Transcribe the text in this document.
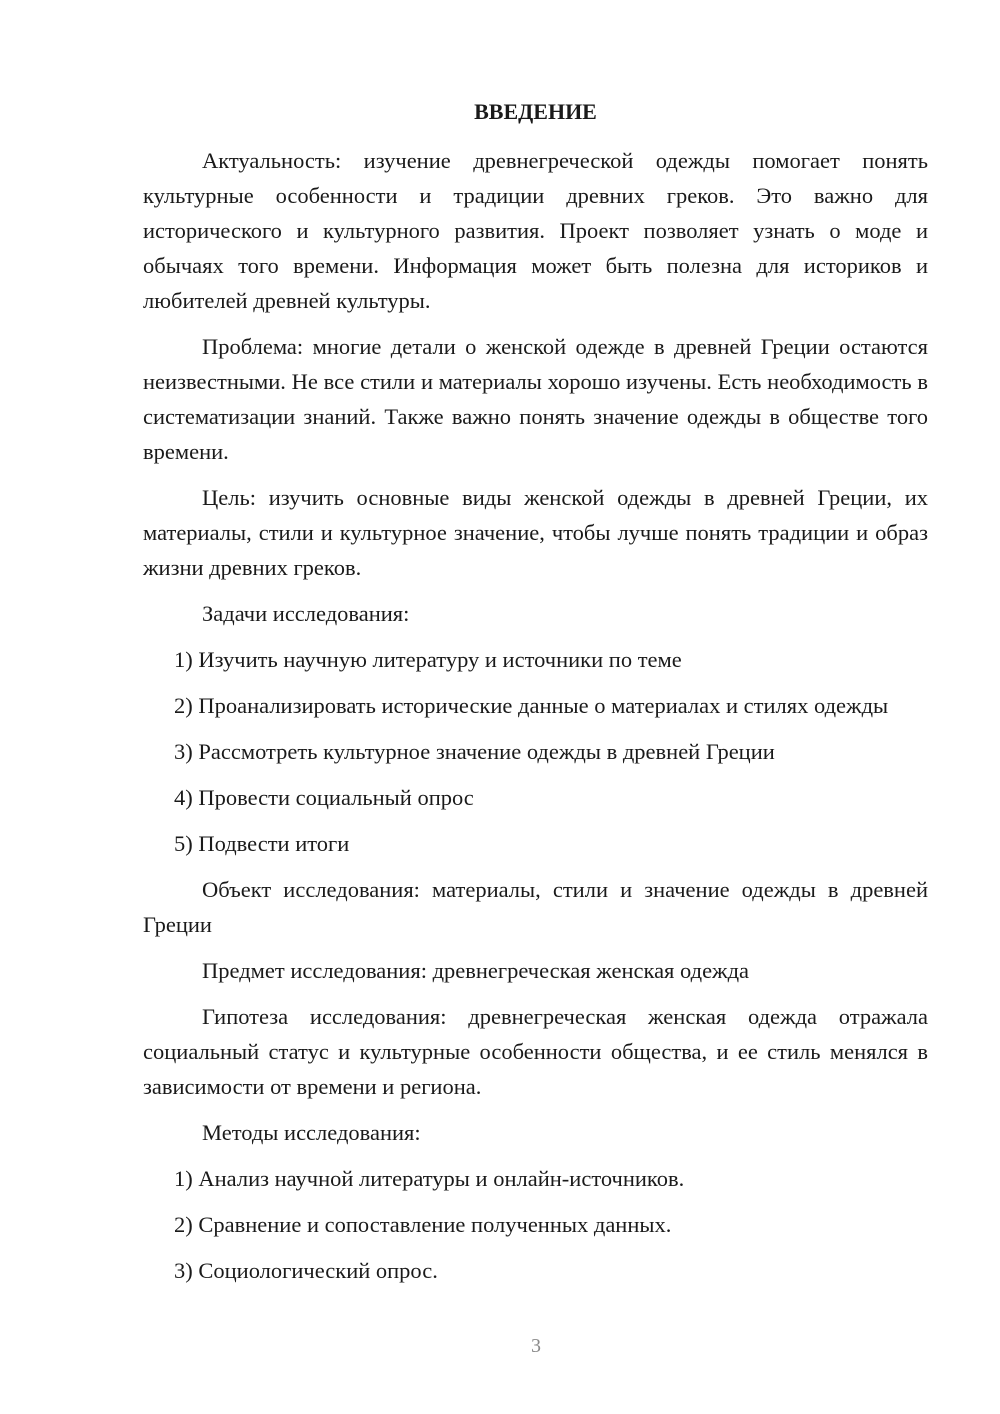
ВВЕДЕНИЕ

Актуальность: изучение древнегреческой одежды помогает понять культурные особенности и традиции древних греков. Это важно для исторического и культурного развития. Проект позволяет узнать о моде и обычаях того времени. Информация может быть полезна для историков и любителей древней культуры.

Проблема: многие детали о женской одежде в древней Греции остаются неизвестными. Не все стили и материалы хорошо изучены. Есть необходимость в систематизации знаний. Также важно понять значение одежды в обществе того времени.

Цель: изучить основные виды женской одежды в древней Греции, их материалы, стили и культурное значение, чтобы лучше понять традиции и образ жизни древних греков.

Задачи исследования:

1) Изучить научную литературу и источники по теме

2) Проанализировать исторические данные о материалах и стилях одежды

3) Рассмотреть культурное значение одежды в древней Греции

4) Провести социальный опрос

5) Подвести итоги

Объект исследования: материалы, стили и значение одежды в древней Греции

Предмет исследования: древнегреческая женская одежда

Гипотеза исследования: древнегреческая женская одежда отражала социальный статус и культурные особенности общества, и ее стиль менялся в зависимости от времени и региона.

Методы исследования:

1) Анализ научной литературы и онлайн-источников.

2) Сравнение и сопоставление полученных данных.

3) Социологический опрос.

3
